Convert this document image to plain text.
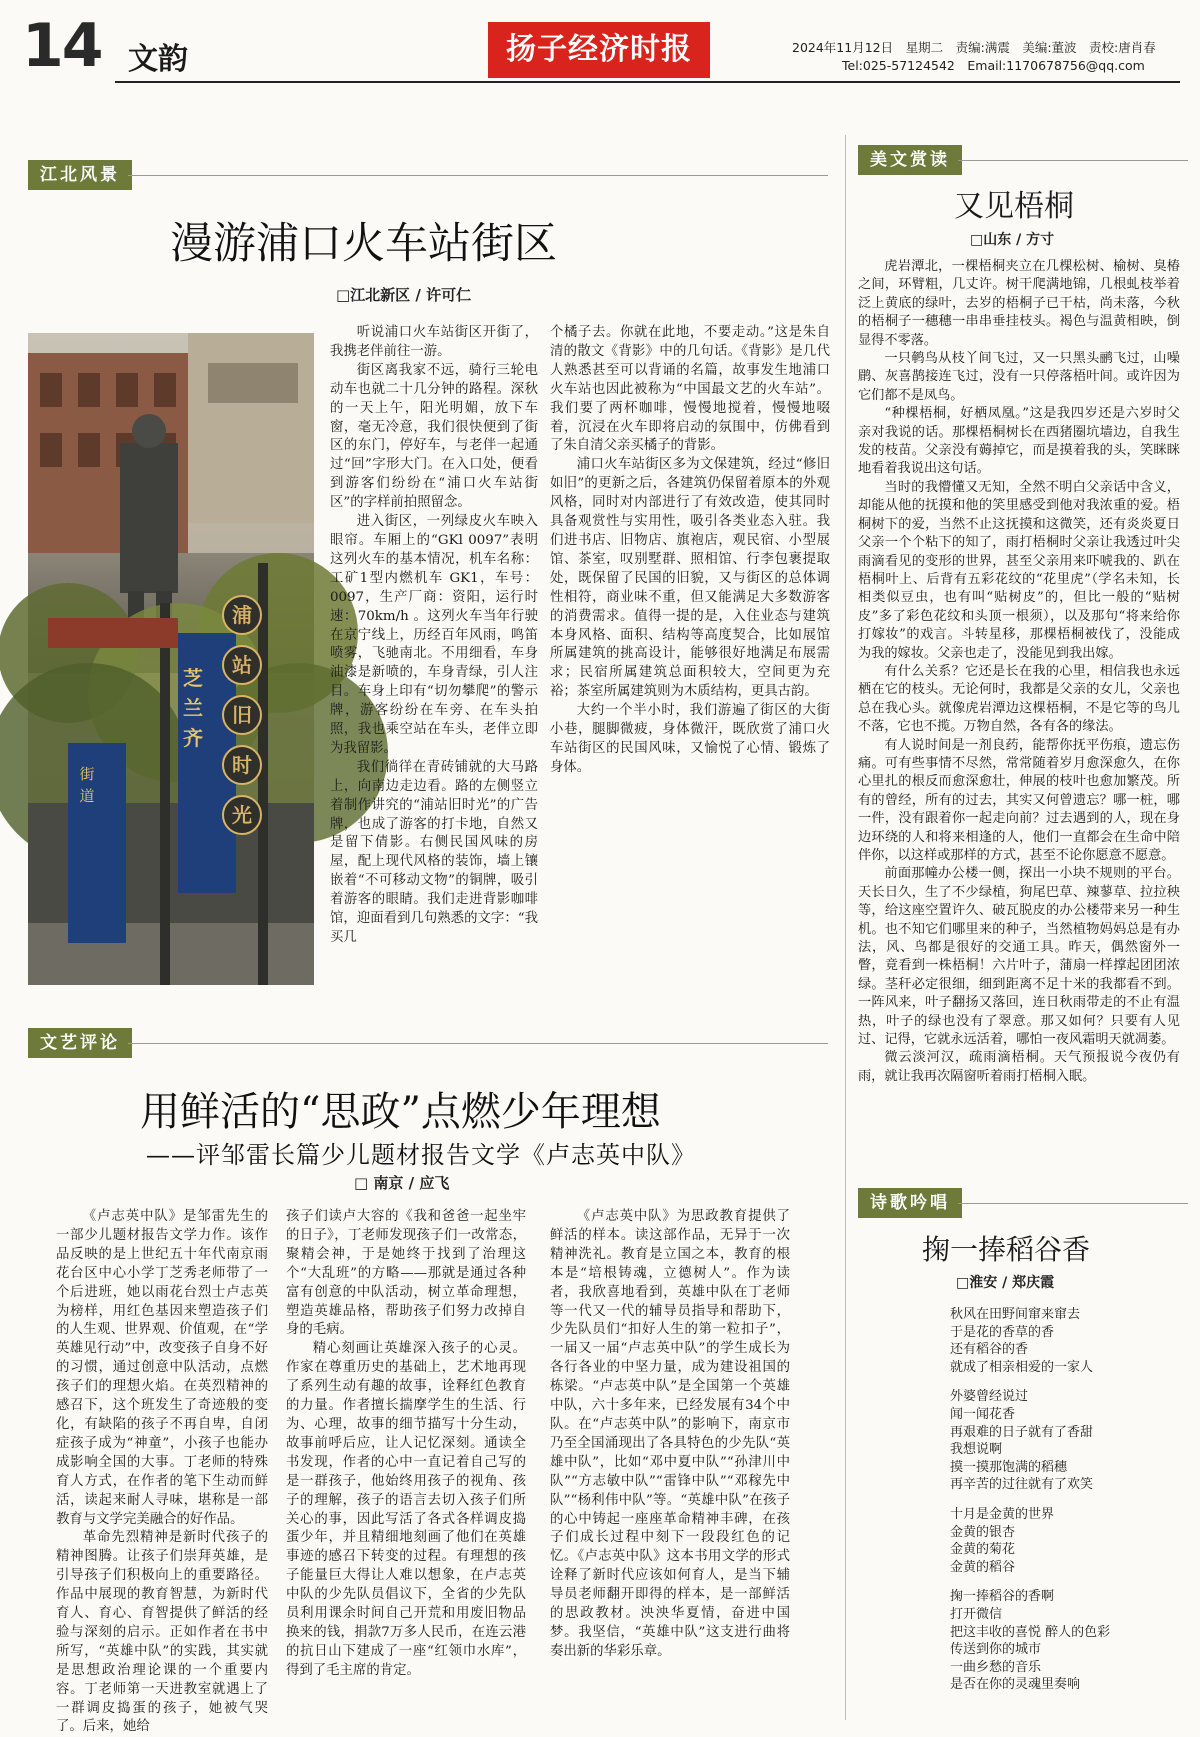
14 文韵	扬子经济时报	2024年11月12日　星期二　责编:满震　美编:董波　责校:唐肖春
Tel:025-57124542　Email:1170678756@qq.com
江北风景
漫游浦口火车站街区
□江北新区 / 许可仁
浦
站
旧
时
光
芝兰齐
街道

听说浦口火车站街区开街了，我携老伴前往一游。

街区离我家不远，骑行三轮电动车也就二十几分钟的路程。深秋的一天上午，阳光明媚，放下车窗，毫无冷意，我们很快便到了街区的东门，停好车，与老伴一起通过“回”字形大门。在入口处，便看到游客们纷纷在“浦口火车站街区”的字样前拍照留念。

进入街区，一列绿皮火车映入眼帘。车厢上的“GKl 0097”表明这列火车的基本情况，机车名称：工矿1型内燃机车 GK1，车号：0097，生产厂商：资阳，运行时速：70km/h 。这列火车当年行驶在京宁线上，历经百年风雨，鸣笛喷雾，飞驰南北。不用细看，车身油漆是新喷的，车身青绿，引人注目。车身上印有“切勿攀爬”的警示牌，游客纷纷在车旁、在车头拍照，我也乘空站在车头，老伴立即为我留影。

我们徜徉在青砖铺就的大马路上，向南边走边看。路的左侧竖立着制作讲究的“浦站旧时光”的广告牌，也成了游客的打卡地，自然又是留下倩影。右侧民国风味的房屋，配上现代风格的装饰，墙上镶嵌着“不可移动文物”的铜牌，吸引着游客的眼睛。我们走进背影咖啡馆，迎面看到几句熟悉的文字：“我买几

个橘子去。你就在此地，不要走动。”这是朱自清的散文《背影》中的几句话。《背影》是几代人熟悉甚至可以背诵的名篇，故事发生地浦口火车站也因此被称为“中国最文艺的火车站”。我们要了两杯咖啡，慢慢地搅着，慢慢地啜着，沉浸在火车即将启动的氛围中，仿佛看到了朱自清父亲买橘子的背影。

浦口火车站街区多为文保建筑，经过“修旧如旧”的更新之后，各建筑仍保留着原本的外观风格，同时对内部进行了有效改造，使其同时具备观赏性与实用性，吸引各类业态入驻。我们进书店、旧物店、旗袍店，观民宿、小型展馆、茶室，叹别墅群、照相馆、行李包裹提取处，既保留了民国的旧貌，又与街区的总体调性相符，商业味不重，但又能满足大多数游客的消费需求。值得一提的是，入住业态与建筑本身风格、面积、结构等高度契合，比如展馆所属建筑的挑高设计，能够很好地满足布展需求；民宿所属建筑总面积较大，空间更为充裕；茶室所属建筑则为木质结构，更具古韵。

大约一个半小时，我们游遍了街区的大街小巷，腿脚微疲，身体微汗，既欣赏了浦口火车站街区的民国风味，又愉悦了心情、锻炼了身体。

文艺评论
用鲜活的“思政”点燃少年理想
——评邹雷长篇少儿题材报告文学《卢志英中队》
□ 南京 / 应飞

《卢志英中队》是邹雷先生的一部少儿题材报告文学力作。该作品反映的是上世纪五十年代南京雨花台区中心小学丁芝秀老师带了一个后进班，她以雨花台烈士卢志英为榜样，用红色基因来塑造孩子们的人生观、世界观、价值观，在“学英雄见行动”中，改变孩子自身不好的习惯，通过创意中队活动，点燃孩子们的理想火焰。在英烈精神的感召下，这个班发生了奇迹般的变化，有缺陷的孩子不再自卑，自闭症孩子成为“神童”，小孩子也能办成影响全国的大事。丁老师的特殊育人方式，在作者的笔下生动而鲜活，读起来耐人寻味，堪称是一部教育与文学完美融合的好作品。

革命先烈精神是新时代孩子的精神图腾。让孩子们崇拜英雄，是引导孩子们积极向上的重要路径。作品中展现的教育智慧，为新时代育人、育心、育智提供了鲜活的经验与深刻的启示。正如作者在书中所写，“英雄中队”的实践，其实就是思想政治理论课的一个重要内容。丁老师第一天进教室就遇上了一群调皮捣蛋的孩子，她被气哭了。后来，她给

孩子们读卢大容的《我和爸爸一起坐牢的日子》，丁老师发现孩子们一改常态，聚精会神，于是她终于找到了治理这个“大乱班”的方略——那就是通过各种富有创意的中队活动，树立革命理想，塑造英雄品格，帮助孩子们努力改掉自身的毛病。

精心刻画让英雄深入孩子的心灵。作家在尊重历史的基础上，艺术地再现了系列生动有趣的故事，诠释红色教育的力量。作者擅长揣摩学生的生活、行为、心理，故事的细节描写十分生动，故事前呼后应，让人记忆深刻。通读全书发现，作者的心中一直记着自己写的是一群孩子，他始终用孩子的视角、孩子的理解，孩子的语言去切入孩子们所关心的事，因此写活了各式各样调皮捣蛋少年，并且精细地刻画了他们在英雄事迹的感召下转变的过程。有理想的孩子能量巨大得让人难以想象，在卢志英中队的少先队员倡议下，全省的少先队员利用课余时间自己开荒和用废旧物品换来的钱，捐款7万多人民币，在连云港的抗日山下建成了一座“红领巾水库”，得到了毛主席的肯定。

《卢志英中队》为思政教育提供了鲜活的样本。读这部作品，无异于一次精神洗礼。教育是立国之本，教育的根本是“培根铸魂，立德树人”。作为读者，我欣喜地看到，英雄中队在丁老师等一代又一代的辅导员指导和帮助下，少先队员们“扣好人生的第一粒扣子”，一届又一届“卢志英中队”的学生成长为各行各业的中坚力量，成为建设祖国的栋梁。“卢志英中队”是全国第一个英雄中队，六十多年来，已经发展有34个中队。在“卢志英中队”的影响下，南京市乃至全国涌现出了各具特色的少先队“英雄中队”，比如“邓中夏中队”“孙津川中队”“方志敏中队”“雷锋中队”“邓稼先中队”“杨利伟中队”等。“英雄中队”在孩子的心中铸起一座座革命精神丰碑，在孩子们成长过程中刻下一段段红色的记忆。《卢志英中队》这本书用文学的形式诠释了新时代应该如何育人，是当下辅导员老师翻开即得的样本，是一部鲜活的思政教材。泱泱华夏情，奋进中国梦。我坚信，“英雄中队”这支进行曲将奏出新的华彩乐章。

美文赏读
又见梧桐
□山东 / 方寸

虎岩潭北，一棵梧桐夹立在几棵松树、榆树、臭椿之间，环臂粗，几丈许。树干爬满地锦，几根虬枝举着泛上黄底的绿叶，去岁的梧桐子已干枯，尚未落，今秋的梧桐子一穗穗一串串垂挂枝头。褐色与温黄相映，倒显得不零落。

一只鹌鸟从枝丫间飞过，又一只黑头鹂飞过，山噪鹛、灰喜鹊接连飞过，没有一只停落梧叶间。或许因为它们都不是凤鸟。

“种棵梧桐，好栖凤凰。”这是我四岁还是六岁时父亲对我说的话。那棵梧桐树长在西猪圈坑墙边，自我生发的枝苗。父亲没有薅掉它，而是摸着我的头，笑眯眯地看着我说出这句话。

当时的我懵懂又无知，全然不明白父亲话中含义，却能从他的抚摸和他的笑里感受到他对我浓重的爱。梧桐树下的爱，当然不止这抚摸和这微笑，还有炎炎夏日父亲一个个粘下的知了，雨打梧桐时父亲让我透过叶尖雨滴看见的变形的世界，甚至父亲用来吓唬我的、趴在梧桐叶上、后背有五彩花纹的“花里虎”（学名未知，长相类似豆虫，也有叫“贴树皮”的，但比一般的“贴树皮”多了彩色花纹和头顶一根须），以及那句“将来给你打嫁妆”的戏言。斗转星移，那棵梧桐被伐了，没能成为我的嫁妆。父亲也走了，没能见到我出嫁。

有什么关系？它还是长在我的心里，相信我也永远栖在它的枝头。无论何时，我都是父亲的女儿，父亲也总在我心头。就像虎岩潭边这棵梧桐，不是它等的鸟儿不落，它也不揽。万物自然，各有各的缘法。

有人说时间是一剂良药，能帮你抚平伤痕，遗忘伤痛。可有些事情不尽然，常常随着岁月愈深愈久，在你心里扎的根反而愈深愈壮，伸展的枝叶也愈加繁茂。所有的曾经，所有的过去，其实又何曾遗忘？哪一桩，哪一件，没有跟着你一起走向前？过去遇到的人，现在身边环绕的人和将来相逢的人，他们一直都会在生命中陪伴你，以这样或那样的方式，甚至不论你愿意不愿意。

前面那幢办公楼一侧，探出一小块不规则的平台。天长日久，生了不少绿植，狗尾巴草、辣蓼草、拉拉秧等，给这座空置许久、破瓦脱皮的办公楼带来另一种生机。也不知它们哪里来的种子，当然植物妈妈总是有办法，风、鸟都是很好的交通工具。昨天，偶然窗外一瞥，竟看到一株梧桐！六片叶子，蒲扇一样撑起团团浓绿。茎秆必定很细，细到距离不足十米的我都看不到。一阵风来，叶子翻扬又落回，连日秋雨带走的不止有温热，叶子的绿也没有了翠意。那又如何？只要有人见过、记得，它就永远活着，哪怕一夜风霜明天就凋萎。

微云淡河汉，疏雨滴梧桐。天气预报说今夜仍有雨，就让我再次隔窗听着雨打梧桐入眠。

诗歌吟唱
掬一捧稻谷香
□淮安 / 郑庆霞
秋风在田野间窜来窜去
于是花的香草的香
还有稻谷的香
就成了相亲相爱的一家人
外婆曾经说过
闻一闻花香
再艰难的日子就有了香甜
我想说啊
摸一摸那饱满的稻穗
再辛苦的过往就有了欢笑
十月是金黄的世界
金黄的银杏
金黄的菊花
金黄的稻谷
掬一捧稻谷的香啊
打开微信
把这丰收的喜悦 醉人的色彩
传送到你的城市
一曲乡愁的音乐
是否在你的灵魂里奏响
